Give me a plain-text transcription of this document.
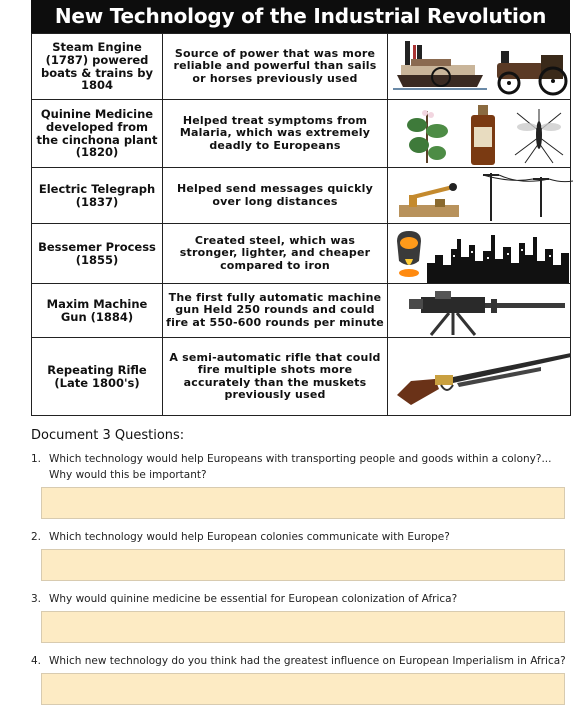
New Technology of the Industrial Revolution
Steam Engine (1787) powered boats & trains by 1804	Source of power that was more reliable and powerful than sails or horses previously used	

Quinine Medicine developed from the cinchona plant (1820)	Helped treat symptoms from Malaria, which was extremely deadly to Europeans	

Electric Telegraph (1837)	Helped send messages quickly over long distances	

Bessemer Process (1855)	Created steel, which was stronger, lighter, and cheaper compared to iron	

Maxim Machine Gun (1884)	The first fully automatic machine gun Held 250 rounds and could fire at 550-600 rounds per minute	

Repeating Rifle (Late 1800's)	A semi-automatic rifle that could fire multiple shots more accurately than the muskets previously used	
Document 3 Questions:
1. Which technology would help Europeans with transporting people and goods within a colony?... Why would this be important?
2. Which technology would help European colonies communicate with Europe?
3. Why would quinine medicine be essential for European colonization of Africa?
4. Which new technology do you think had the greatest influence on European Imperialism in Africa?
